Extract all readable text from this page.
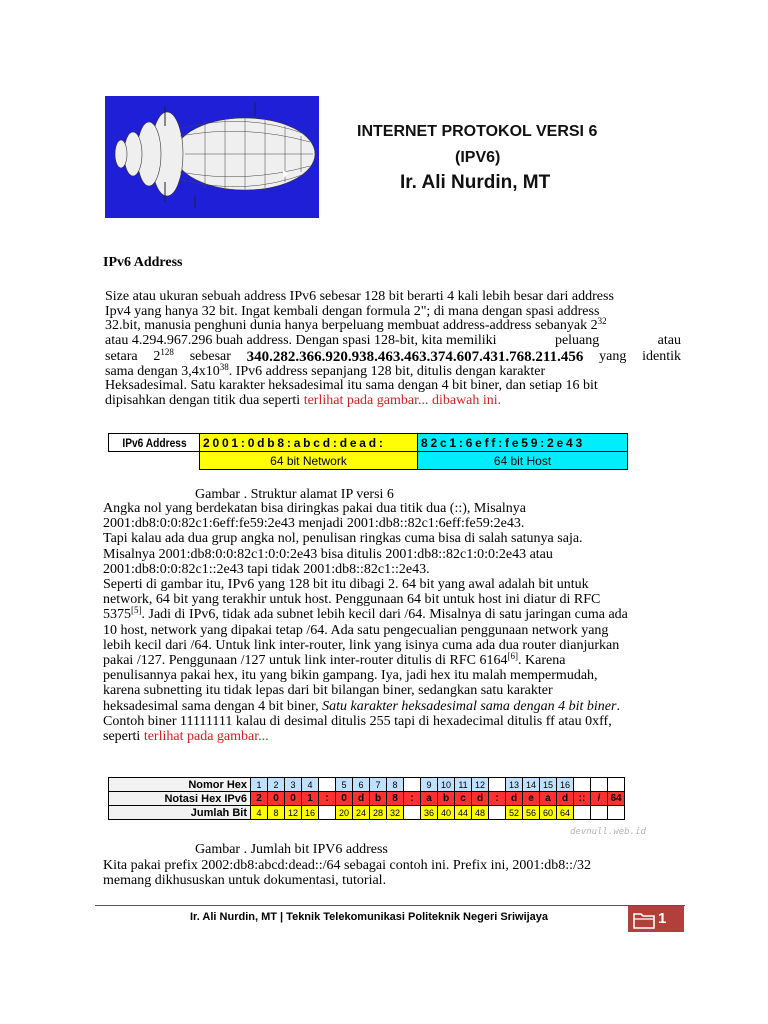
INTERNET PROTOKOL VERSI 6
(IPV6)
Ir. Ali Nurdin, MT
IPv6 Address
Size atau ukuran sebuah address IPv6 sebesar 128 bit berarti 4 kali lebih besar dari address
Ipv4 yang hanya 32 bit. Ingat kembali dengan formula 2"; di mana dengan spasi address
32.bit, manusia penghuni dunia hanya berpeluang membuat address-address sebanyak $2^{32}$
atau 4.294.967.296 buah address. Dengan spasi 128-bit, kita memiliki	peluang	atau
setara $2^{128}$ sebesar 340.282.366.920.938.463.463.374.607.431.768.211.456 yang identik
sama dengan $3,4x10^{38}$. IPv6 address sepanjang 128 bit, ditulis dengan karakter
Heksadesimal. Satu karakter heksadesimal itu sama dengan 4 bit biner, dan setiap 16 bit
dipisahkan dengan titik dua seperti terlihat pada gambar... dibawah ini.
IPv6 Address	2001:0db8:abcd:dead:	82c1:6eff:fe59:2e43
	64 bit Network	64 bit Host
Gambar . Struktur alamat IP versi 6
Angka nol yang berdekatan bisa diringkas pakai dua titik dua (::), Misalnya
2001:db8:0:0:82c1:6eff:fe59:2e43 menjadi 2001:db8::82c1:6eff:fe59:2e43.
Tapi kalau ada dua grup angka nol, penulisan ringkas cuma bisa di salah satunya saja.
Misalnya 2001:db8:0:0:82c1:0:0:2e43 bisa ditulis 2001:db8::82c1:0:0:2e43 atau
2001:db8:0:0:82c1::2e43 tapi tidak 2001:db8::82c1::2e43.
Seperti di gambar itu, IPv6 yang 128 bit itu dibagi 2. 64 bit yang awal adalah bit untuk
network, 64 bit yang terakhir untuk host. Penggunaan 64 bit untuk host ini diatur di RFC
5375[5]. Jadi di IPv6, tidak ada subnet lebih kecil dari /64. Misalnya di satu jaringan cuma ada
10 host, network yang dipakai tetap /64. Ada satu pengecualian penggunaan network yang
lebih kecil dari /64. Untuk link inter-router, link yang isinya cuma ada dua router dianjurkan
pakai /127. Penggunaan /127 untuk link inter-router ditulis di RFC 6164[6]. Karena
penulisannya pakai hex, itu yang bikin gampang. Iya, jadi hex itu malah mempermudah,
karena subnetting itu tidak lepas dari bit bilangan biner, sedangkan satu karakter
heksadesimal sama dengan 4 bit biner, Satu karakter heksadesimal sama dengan 4 bit biner.
Contoh biner 11111111 kalau di desimal ditulis 255 tapi di hexadecimal ditulis ff atau 0xff,
seperti terlihat pada gambar...
Nomor Hex	1	2	3	4		5	6	7	8		9	10	11	12		13	14	15	16			
Notasi Hex IPv6	2	0	0	1	:	0	d	b	8	:	a	b	c	d	:	d	e	a	d	::	/	64
Jumlah Bit	4	8	12	16		20	24	28	32		36	40	44	48		52	56	60	64			
devnull.web.id
Gambar . Jumlah bit IPV6 address
Kita pakai prefix 2002:db8:abcd:dead::/64 sebagai contoh ini. Prefix ini, 2001:db8::/32
memang dikhususkan untuk dokumentasi, tutorial.
Ir. Ali Nurdin, MT | Teknik Telekomunikasi Politeknik Negeri Sriwijaya	1
